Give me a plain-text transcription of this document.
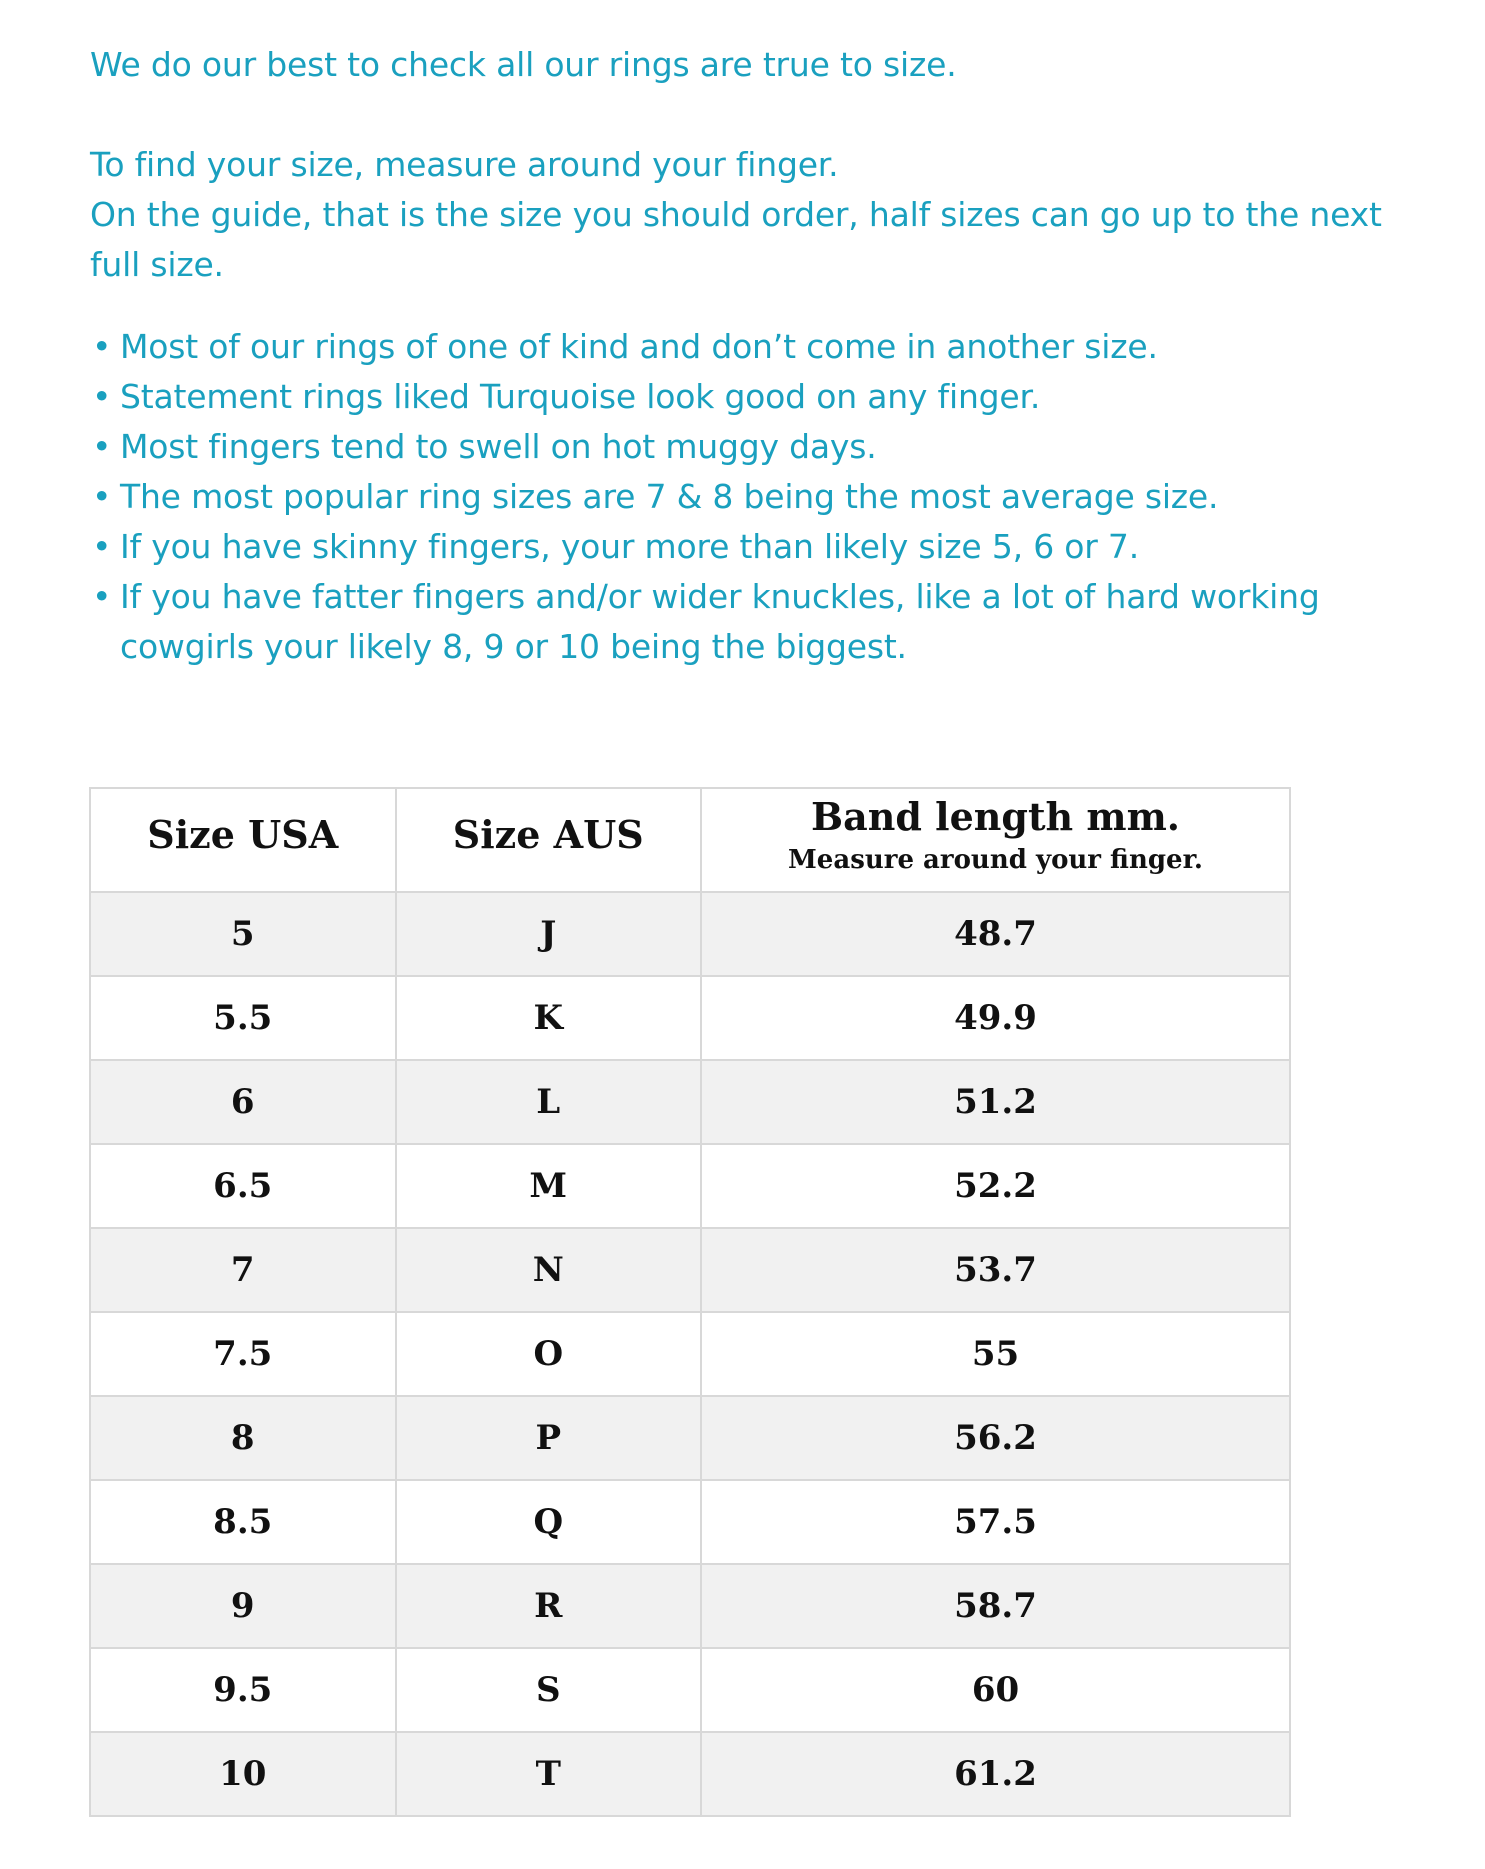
We do our best to check all our rings are true to size.

To find your size, measure around your finger.

On the guide, that is the size you should order, half sizes can go up to the next full size.

• Most of our rings of one of kind and don’t come in another size.
• Statement rings liked Turquoise look good on any finger.
• Most fingers tend to swell on hot muggy days.
• The most popular ring sizes are 7 & 8 being the most average size.
• If you have skinny fingers, your more than likely size 5, 6 or 7.
• If you have fatter fingers and/or wider knuckles, like a lot of hard working cowgirls your likely 8, 9 or 10 being the biggest.
Size USA	Size AUS	Band length mm.
Measure around your finger.

5	J	48.7
5.5	K	49.9
6	L	51.2
6.5	M	52.2
7	N	53.7
7.5	O	55
8	P	56.2
8.5	Q	57.5
9	R	58.7
9.5	S	60
10	T	61.2
